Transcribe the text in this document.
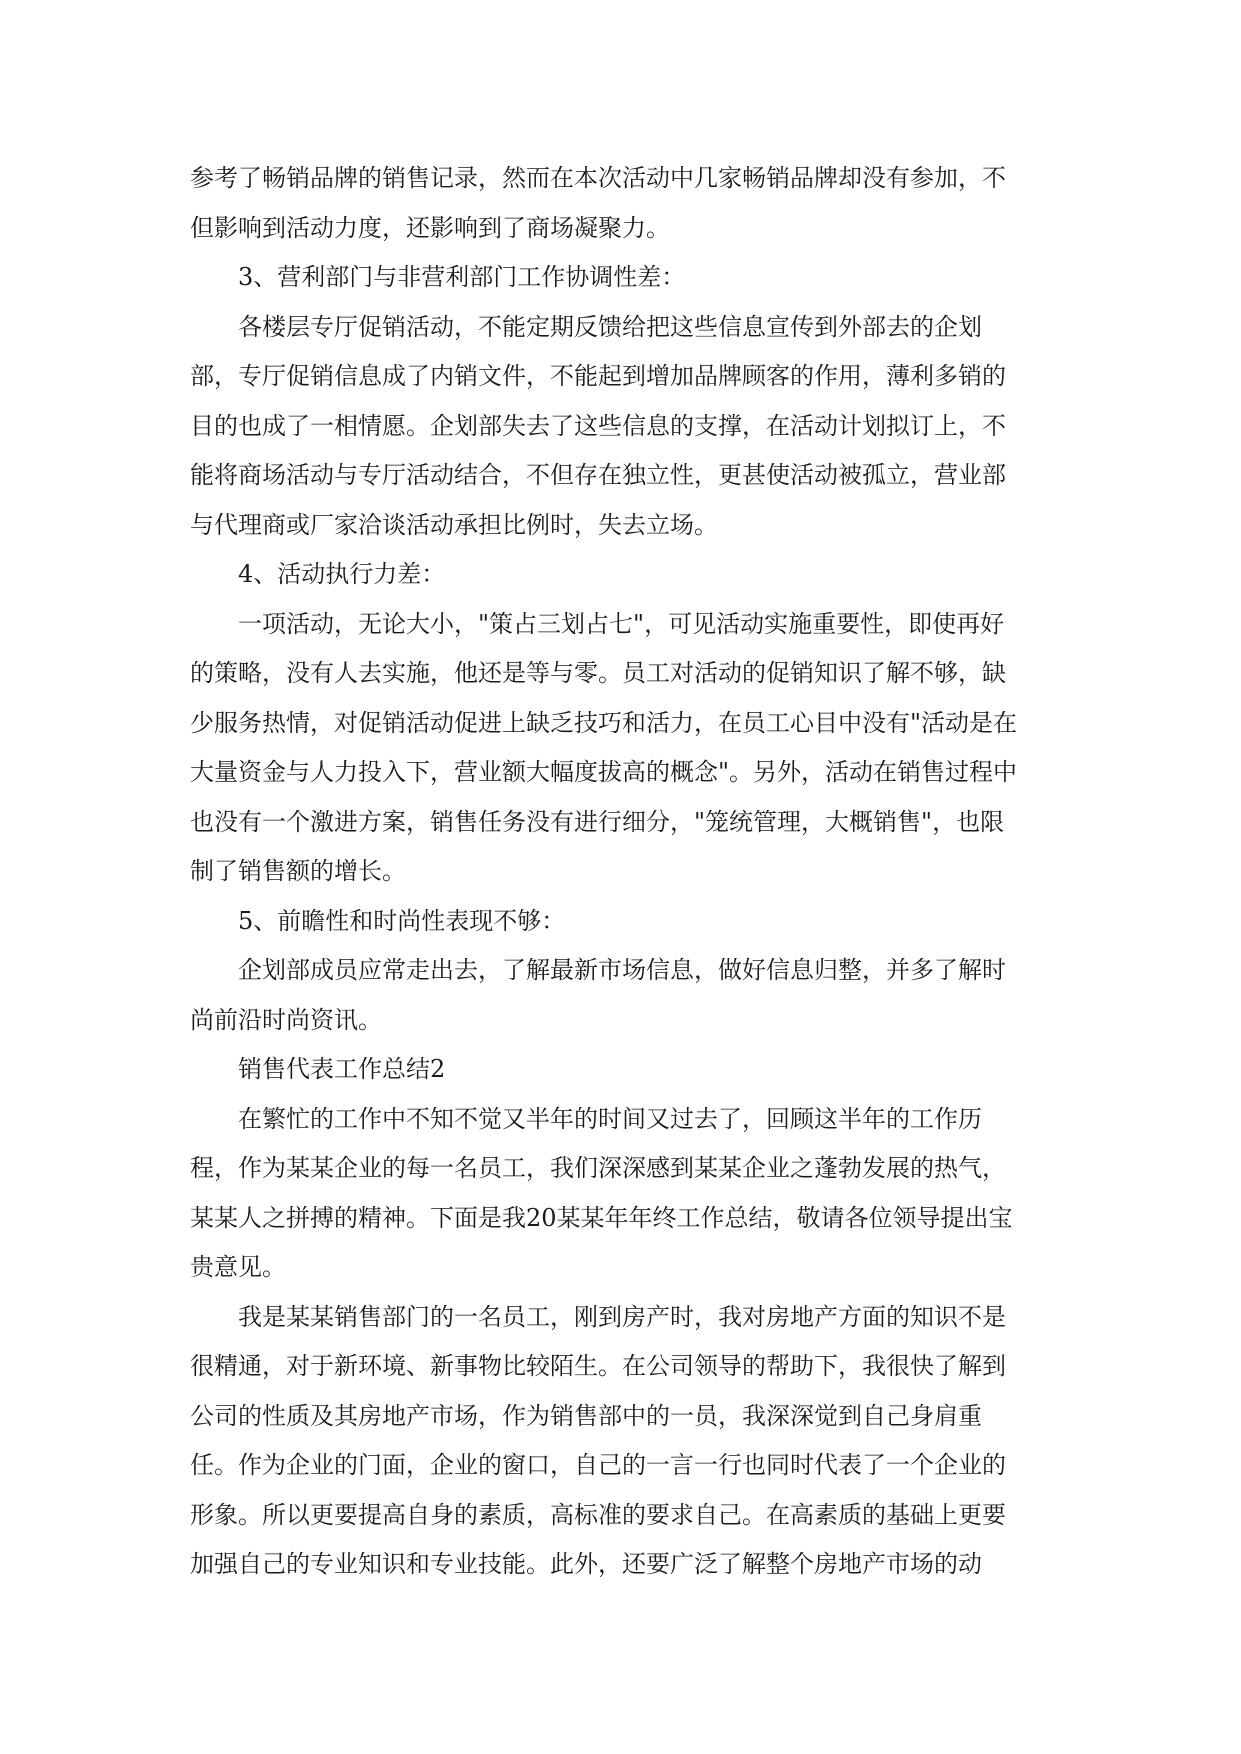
参考了畅销品牌的销售记录，然而在本次活动中几家畅销品牌却没有参加，不
但影响到活动力度，还影响到了商场凝聚力。
3、营利部门与非营利部门工作协调性差：
各楼层专厅促销活动，不能定期反馈给把这些信息宣传到外部去的企划
部，专厅促销信息成了内销文件，不能起到增加品牌顾客的作用，薄利多销的
目的也成了一相情愿。企划部失去了这些信息的支撑，在活动计划拟订上，不
能将商场活动与专厅活动结合，不但存在独立性，更甚使活动被孤立，营业部
与代理商或厂家洽谈活动承担比例时，失去立场。
4、活动执行力差：
一项活动，无论大小，"策占三划占七"，可见活动实施重要性，即使再好
的策略，没有人去实施，他还是等与零。员工对活动的促销知识了解不够，缺
少服务热情，对促销活动促进上缺乏技巧和活力，在员工心目中没有"活动是在
大量资金与人力投入下，营业额大幅度拔高的概念"。另外，活动在销售过程中
也没有一个激进方案，销售任务没有进行细分，"笼统管理，大概销售"，也限
制了销售额的增长。
5、前瞻性和时尚性表现不够：
企划部成员应常走出去，了解最新市场信息，做好信息归整，并多了解时
尚前沿时尚资讯。
销售代表工作总结2
在繁忙的工作中不知不觉又半年的时间又过去了，回顾这半年的工作历
程，作为某某企业的每一名员工，我们深深感到某某企业之蓬勃发展的热气，
某某人之拼搏的精神。下面是我20某某年年终工作总结，敬请各位领导提出宝
贵意见。
我是某某销售部门的一名员工，刚到房产时，我对房地产方面的知识不是
很精通，对于新环境、新事物比较陌生。在公司领导的帮助下，我很快了解到
公司的性质及其房地产市场，作为销售部中的一员，我深深觉到自己身肩重
任。作为企业的门面，企业的窗口，自己的一言一行也同时代表了一个企业的
形象。所以更要提高自身的素质，高标准的要求自己。在高素质的基础上更要
加强自己的专业知识和专业技能。此外，还要广泛了解整个房地产市场的动
